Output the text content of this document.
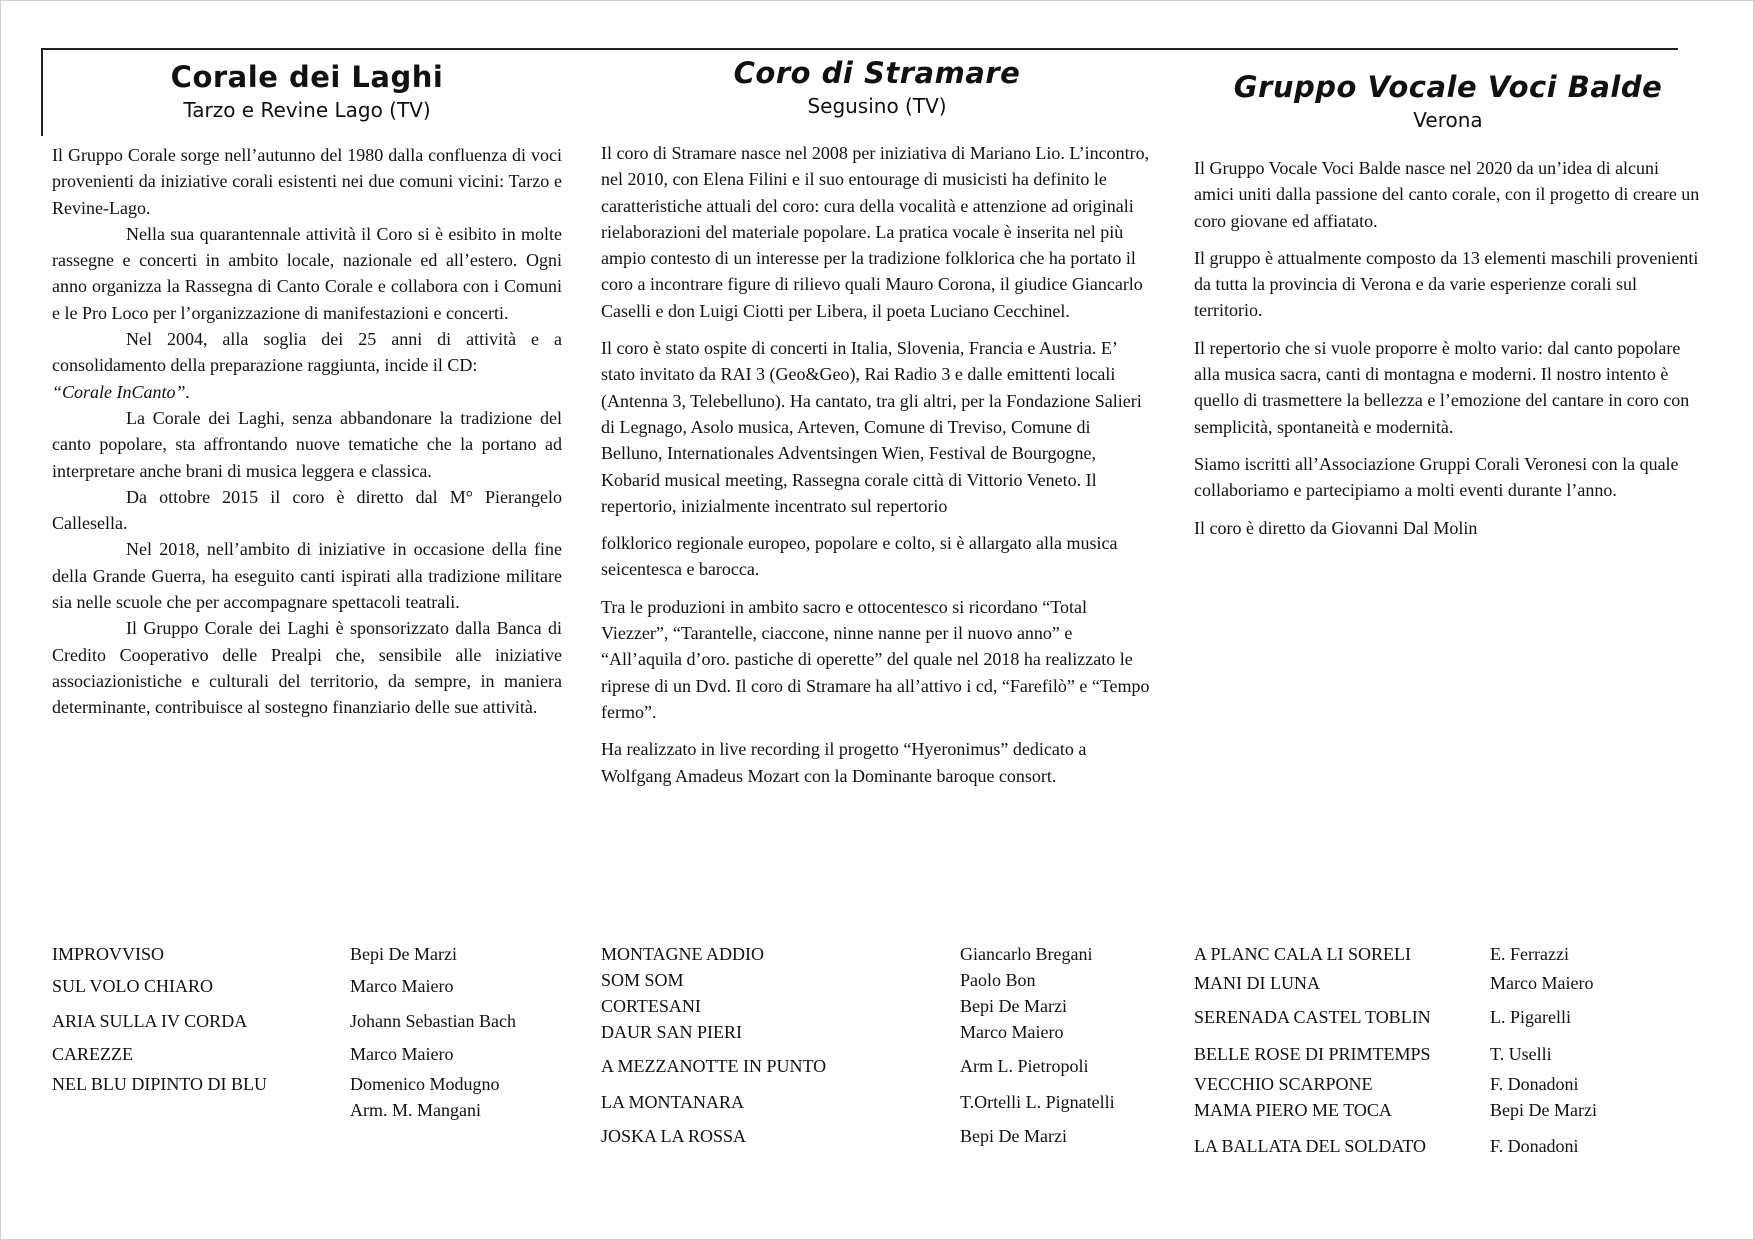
Corale dei Laghi
Tarzo e Revine Lago (TV)

Il Gruppo Corale sorge nell’autunno del 1980 dalla confluenza di voci provenienti da iniziative corali esistenti nei due comuni vicini: Tarzo e Revine-Lago.

Nella sua quarantennale attività il Coro si è esibito in molte rassegne e concerti in ambito locale, nazionale ed all’estero. Ogni anno organizza la Rassegna di Canto Corale e collabora con i Comuni e le Pro Loco per l’organizzazione di manifestazioni e concerti.

Nel 2004, alla soglia dei 25 anni di attività e a consolidamento della preparazione raggiunta, incide il CD:

“Corale InCanto”.

La Corale dei Laghi, senza abbandonare la tradizione del canto popolare, sta affrontando nuove tematiche che la portano ad interpretare anche brani di musica leggera e classica.

Da ottobre 2015 il coro è diretto dal M° Pierangelo Callesella.

Nel 2018, nell’ambito di iniziative in occasione della fine della Grande Guerra, ha eseguito canti ispirati alla tradizione militare sia nelle scuole che per accompagnare spettacoli teatrali.

Il Gruppo Corale dei Laghi è sponsorizzato dalla Banca di Credito Cooperativo delle Prealpi che, sensibile alle iniziative associazionistiche e culturali del territorio, da sempre, in maniera determinante, contribuisce al sostegno finanziario delle sue attività.

Coro di Stramare
Segusino (TV)

Il coro di Stramare nasce nel 2008 per iniziativa di Mariano Lio. L’incontro, nel 2010, con Elena Filini e il suo entourage di musicisti ha definito le caratteristiche attuali del coro: cura della vocalità e attenzione ad originali rielaborazioni del materiale popolare. La pratica vocale è inserita nel più ampio contesto di un interesse per la tradizione folklorica che ha portato il coro a incontrare figure di rilievo quali Mauro Corona, il giudice Giancarlo Caselli e don Luigi Ciotti per Libera, il poeta Luciano Cecchinel.

Il coro è stato ospite di concerti in Italia, Slovenia, Francia e Austria. E’ stato invitato da RAI 3 (Geo&Geo), Rai Radio 3 e dalle emittenti locali (Antenna 3, Telebelluno). Ha cantato, tra gli altri, per la Fondazione Salieri di Legnago, Asolo musica, Arteven, Comune di Treviso, Comune di Belluno, Internationales Adventsingen Wien, Festival de Bourgogne, Kobarid musical meeting, Rassegna corale città di Vittorio Veneto. Il repertorio, inizialmente incentrato sul repertorio

folklorico regionale europeo, popolare e colto, si è allargato alla musica seicentesca e barocca.

Tra le produzioni in ambito sacro e ottocentesco si ricordano “Total Viezzer”, “Tarantelle, ciaccone, ninne nanne per il nuovo anno” e “All’aquila d’oro. pastiche di operette” del quale nel 2018 ha realizzato le riprese di un Dvd. Il coro di Stramare ha all’attivo i cd, “Farefilò” e “Tempo fermo”.

Ha realizzato in live recording il progetto “Hyeronimus” dedicato a Wolfgang Amadeus Mozart con la Dominante baroque consort.

Gruppo Vocale Voci Balde
Verona

Il Gruppo Vocale Voci Balde nasce nel 2020 da un’idea di alcuni amici uniti dalla passione del canto corale, con il progetto di creare un coro giovane ed affiatato.

Il gruppo è attualmente composto da 13 elementi maschili provenienti da tutta la provincia di Verona e da varie esperienze corali sul territorio.

Il repertorio che si vuole proporre è molto vario: dal canto popolare alla musica sacra, canti di montagna e moderni. Il nostro intento è quello di trasmettere la bellezza e l’emozione del cantare in coro con semplicità, spontaneità e modernità.

Siamo iscritti all’Associazione Gruppi Corali Veronesi con la quale collaboriamo e partecipiamo a molti eventi durante l’anno.

Il coro è diretto da Giovanni Dal Molin

IMPROVVISO	Bepi De Marzi
SUL VOLO CHIARO	Marco Maiero
ARIA SULLA IV CORDA	Johann Sebastian Bach
CAREZZE	Marco Maiero
NEL BLU DIPINTO DI BLU	Domenico Modugno
Arm. M. Mangani
MONTAGNE ADDIO	Giancarlo Bregani
SOM SOM	Paolo Bon
CORTESANI	Bepi De Marzi
DAUR SAN PIERI	Marco Maiero
A MEZZANOTTE IN PUNTO	Arm L. Pietropoli
LA MONTANARA	T.Ortelli L. Pignatelli
JOSKA LA ROSSA	Bepi De Marzi
A PLANC CALA LI SORELI	E. Ferrazzi
MANI DI LUNA	Marco Maiero
SERENADA CASTEL TOBLIN	L. Pigarelli
BELLE ROSE DI PRIMTEMPS	T. Uselli
VECCHIO SCARPONE	F. Donadoni
MAMA PIERO ME TOCA	Bepi De Marzi
LA BALLATA DEL SOLDATO	F. Donadoni
